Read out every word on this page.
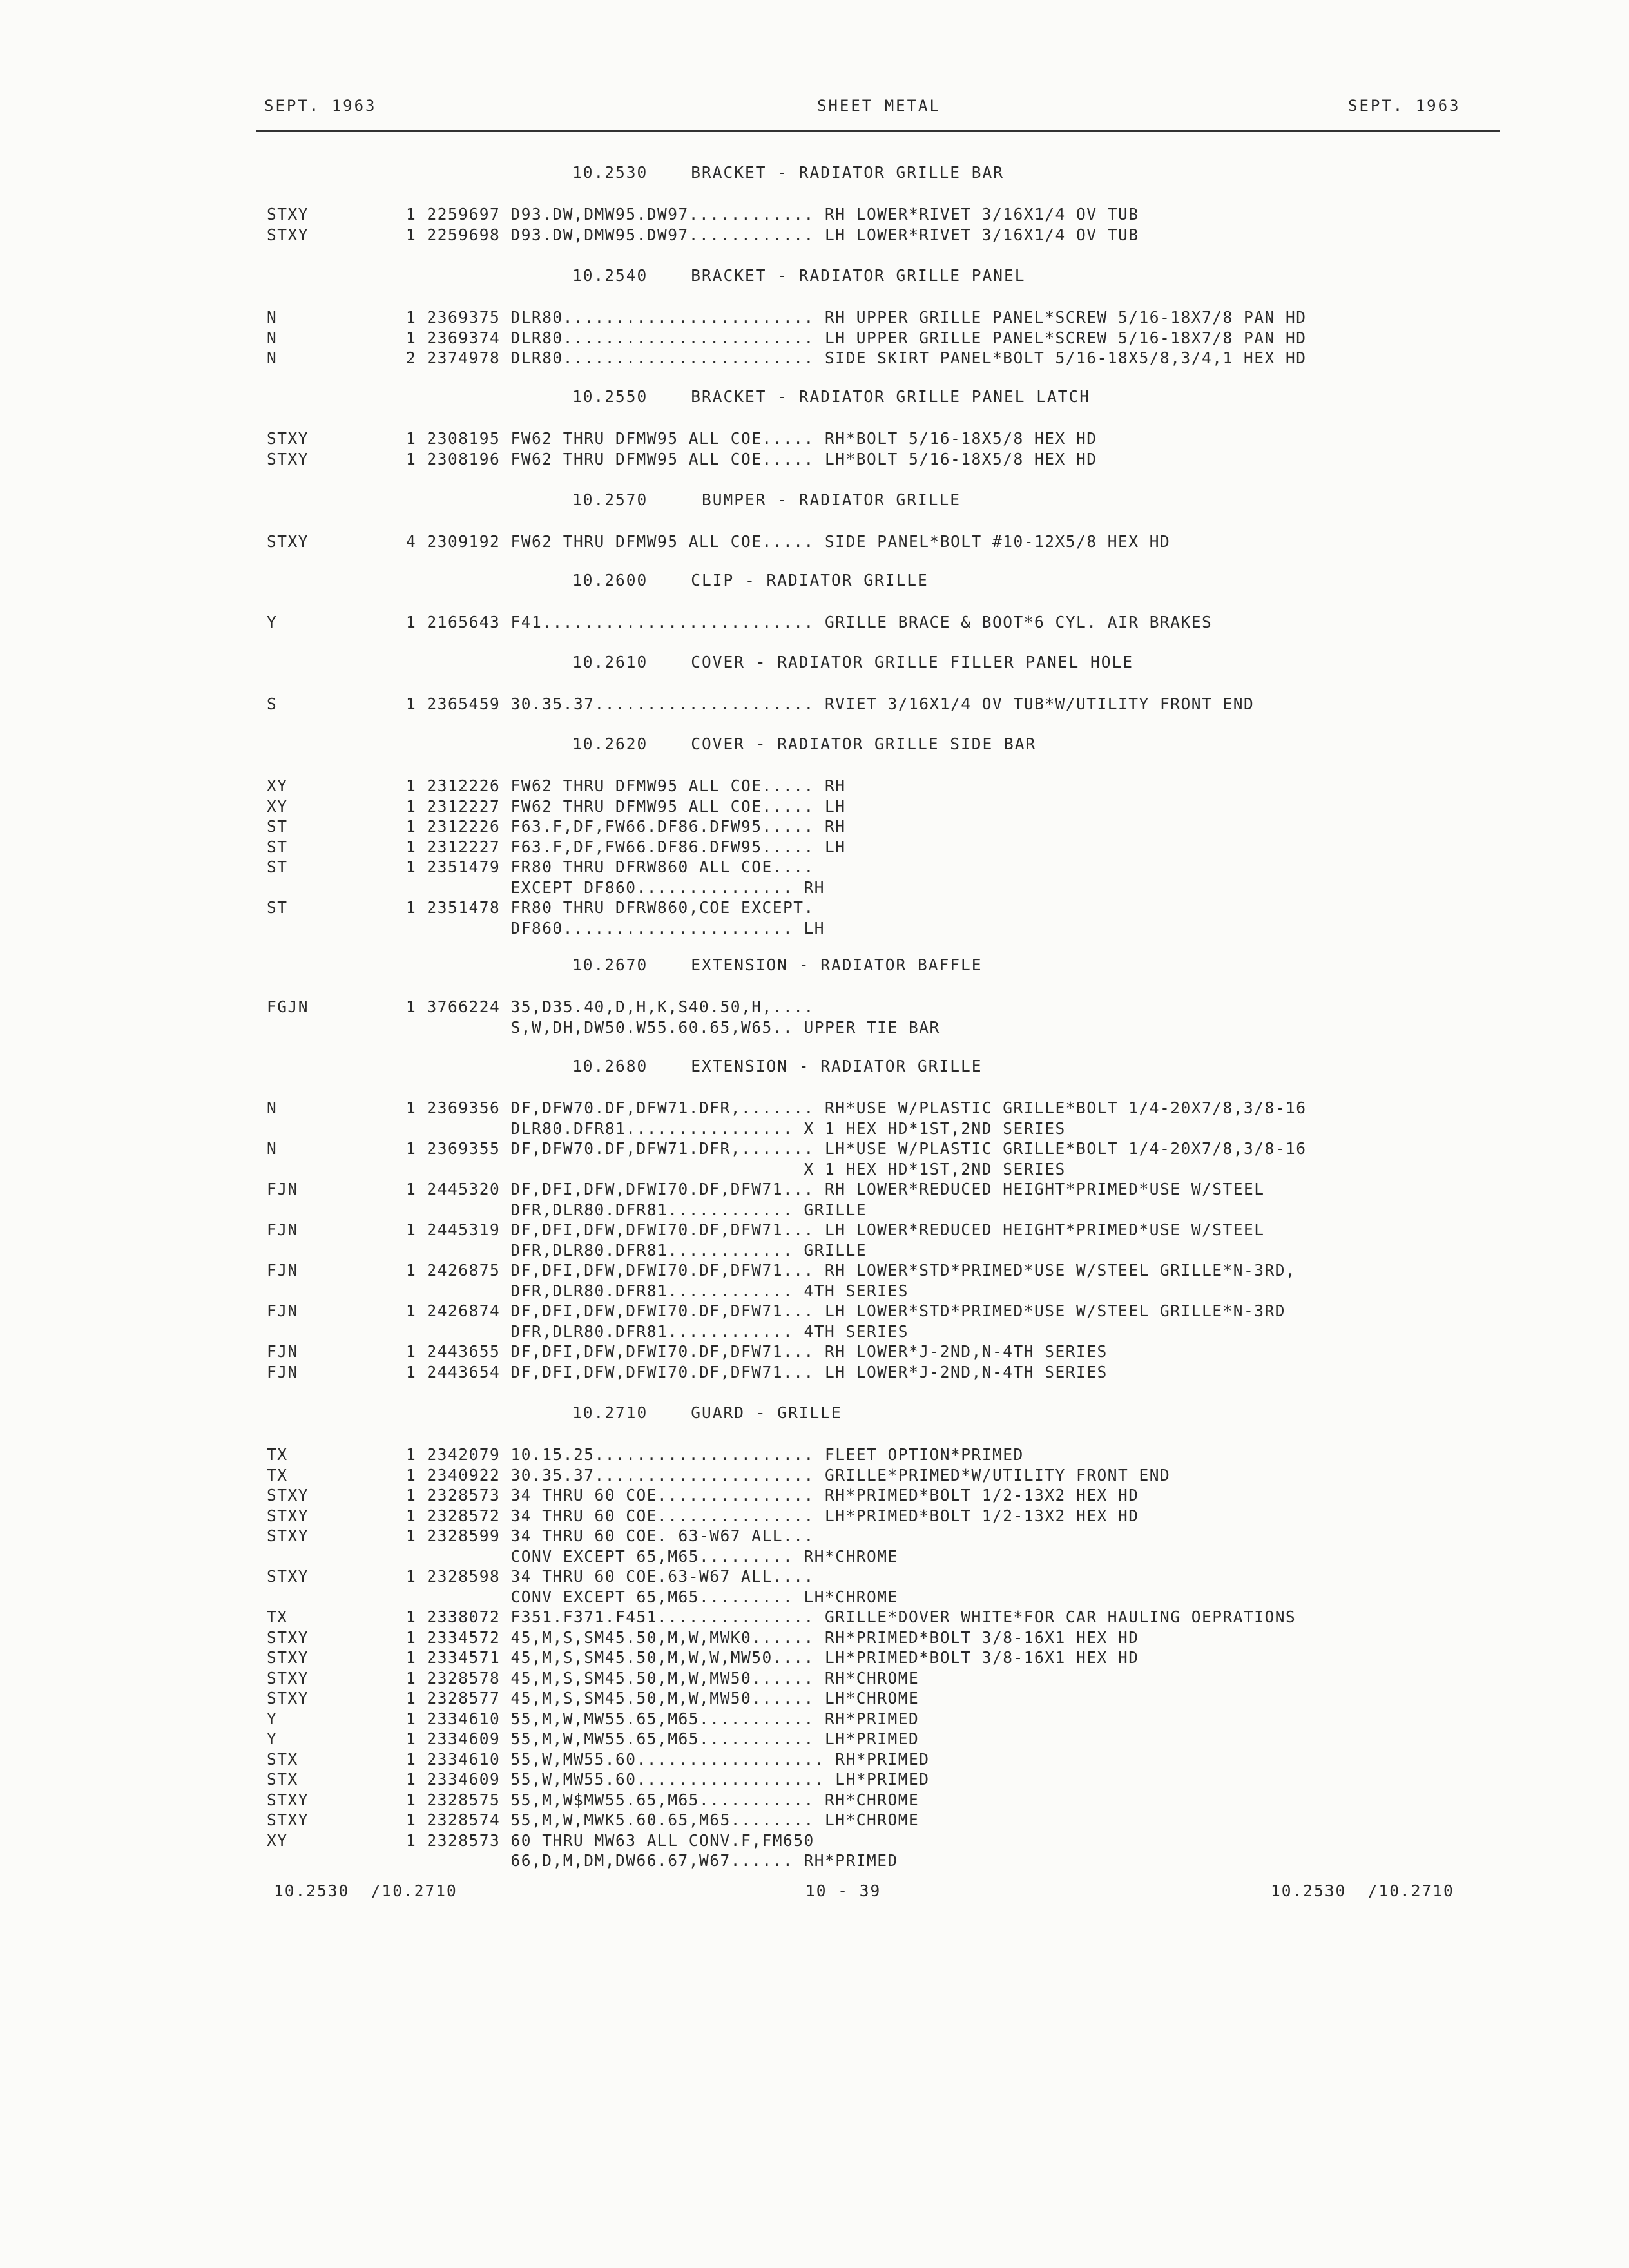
SEPT. 1963	SHEET METAL	SEPT. 1963
10.2530    BRACKET - RADIATOR GRILLE BAR
STXY	1 2259697 D93.DW,DMW95.DW97............ RH LOWER*RIVET 3/16X1/4 OV TUB
STXY	1 2259698 D93.DW,DMW95.DW97............ LH LOWER*RIVET 3/16X1/4 OV TUB
10.2540    BRACKET - RADIATOR GRILLE PANEL
N	1 2369375 DLR80........................ RH UPPER GRILLE PANEL*SCREW 5/16-18X7/8 PAN HD
N	1 2369374 DLR80........................ LH UPPER GRILLE PANEL*SCREW 5/16-18X7/8 PAN HD
N	2 2374978 DLR80........................ SIDE SKIRT PANEL*BOLT 5/16-18X5/8,3/4,1 HEX HD
10.2550    BRACKET - RADIATOR GRILLE PANEL LATCH
STXY	1 2308195 FW62 THRU DFMW95 ALL COE..... RH*BOLT 5/16-18X5/8 HEX HD
STXY	1 2308196 FW62 THRU DFMW95 ALL COE..... LH*BOLT 5/16-18X5/8 HEX HD
10.2570     BUMPER - RADIATOR GRILLE
STXY	4 2309192 FW62 THRU DFMW95 ALL COE..... SIDE PANEL*BOLT #10-12X5/8 HEX HD
10.2600    CLIP - RADIATOR GRILLE
Y	1 2165643 F41.......................... GRILLE BRACE & BOOT*6 CYL. AIR BRAKES
10.2610    COVER - RADIATOR GRILLE FILLER PANEL HOLE
S	1 2365459 30.35.37..................... RVIET 3/16X1/4 OV TUB*W/UTILITY FRONT END
10.2620    COVER - RADIATOR GRILLE SIDE BAR
XY	1 2312226 FW62 THRU DFMW95 ALL COE..... RH
XY	1 2312227 FW62 THRU DFMW95 ALL COE..... LH
ST	1 2312226 F63.F,DF,FW66.DF86.DFW95..... RH
ST	1 2312227 F63.F,DF,FW66.DF86.DFW95..... LH
ST	1 2351479 FR80 THRU DFRW860 ALL COE....
EXCEPT DF860............... RH
ST	1 2351478 FR80 THRU DFRW860,COE EXCEPT.
DF860...................... LH
10.2670    EXTENSION - RADIATOR BAFFLE
FGJN	1 3766224 35,D35.40,D,H,K,S40.50,H,....
S,W,DH,DW50.W55.60.65,W65.. UPPER TIE BAR
10.2680    EXTENSION - RADIATOR GRILLE
N	1 2369356 DF,DFW70.DF,DFW71.DFR,....... RH*USE W/PLASTIC GRILLE*BOLT 1/4-20X7/8,3/8-16
DLR80.DFR81................ X 1 HEX HD*1ST,2ND SERIES
N	1 2369355 DF,DFW70.DF,DFW71.DFR,....... LH*USE W/PLASTIC GRILLE*BOLT 1/4-20X7/8,3/8-16
X 1 HEX HD*1ST,2ND SERIES
FJN	1 2445320 DF,DFI,DFW,DFWI70.DF,DFW71... RH LOWER*REDUCED HEIGHT*PRIMED*USE W/STEEL
DFR,DLR80.DFR81............ GRILLE
FJN	1 2445319 DF,DFI,DFW,DFWI70.DF,DFW71... LH LOWER*REDUCED HEIGHT*PRIMED*USE W/STEEL
DFR,DLR80.DFR81............ GRILLE
FJN	1 2426875 DF,DFI,DFW,DFWI70.DF,DFW71... RH LOWER*STD*PRIMED*USE W/STEEL GRILLE*N-3RD,
DFR,DLR80.DFR81............ 4TH SERIES
FJN	1 2426874 DF,DFI,DFW,DFWI70.DF,DFW71... LH LOWER*STD*PRIMED*USE W/STEEL GRILLE*N-3RD
DFR,DLR80.DFR81............ 4TH SERIES
FJN	1 2443655 DF,DFI,DFW,DFWI70.DF,DFW71... RH LOWER*J-2ND,N-4TH SERIES
FJN	1 2443654 DF,DFI,DFW,DFWI70.DF,DFW71... LH LOWER*J-2ND,N-4TH SERIES
10.2710    GUARD - GRILLE
TX	1 2342079 10.15.25..................... FLEET OPTION*PRIMED
TX	1 2340922 30.35.37..................... GRILLE*PRIMED*W/UTILITY FRONT END
STXY	1 2328573 34 THRU 60 COE............... RH*PRIMED*BOLT 1/2-13X2 HEX HD
STXY	1 2328572 34 THRU 60 COE............... LH*PRIMED*BOLT 1/2-13X2 HEX HD
STXY	1 2328599 34 THRU 60 COE. 63-W67 ALL...
CONV EXCEPT 65,M65......... RH*CHROME
STXY	1 2328598 34 THRU 60 COE.63-W67 ALL....
CONV EXCEPT 65,M65......... LH*CHROME
TX	1 2338072 F351.F371.F451............... GRILLE*DOVER WHITE*FOR CAR HAULING OEPRATIONS
STXY	1 2334572 45,M,S,SM45.50,M,W,MWK0...... RH*PRIMED*BOLT 3/8-16X1 HEX HD
STXY	1 2334571 45,M,S,SM45.50,M,W,W,MW50.... LH*PRIMED*BOLT 3/8-16X1 HEX HD
STXY	1 2328578 45,M,S,SM45.50,M,W,MW50...... RH*CHROME
STXY	1 2328577 45,M,S,SM45.50,M,W,MW50...... LH*CHROME
Y	1 2334610 55,M,W,MW55.65,M65........... RH*PRIMED
Y	1 2334609 55,M,W,MW55.65,M65........... LH*PRIMED
STX	1 2334610 55,W,MW55.60.................. RH*PRIMED
STX	1 2334609 55,W,MW55.60.................. LH*PRIMED
STXY	1 2328575 55,M,W$MW55.65,M65........... RH*CHROME
STXY	1 2328574 55,M,W,MWK5.60.65,M65........ LH*CHROME
XY	1 2328573 60 THRU MW63 ALL CONV.F,FM650
66,D,M,DM,DW66.67,W67...... RH*PRIMED
10.2530  /10.2710	10 - 39	10.2530  /10.2710
